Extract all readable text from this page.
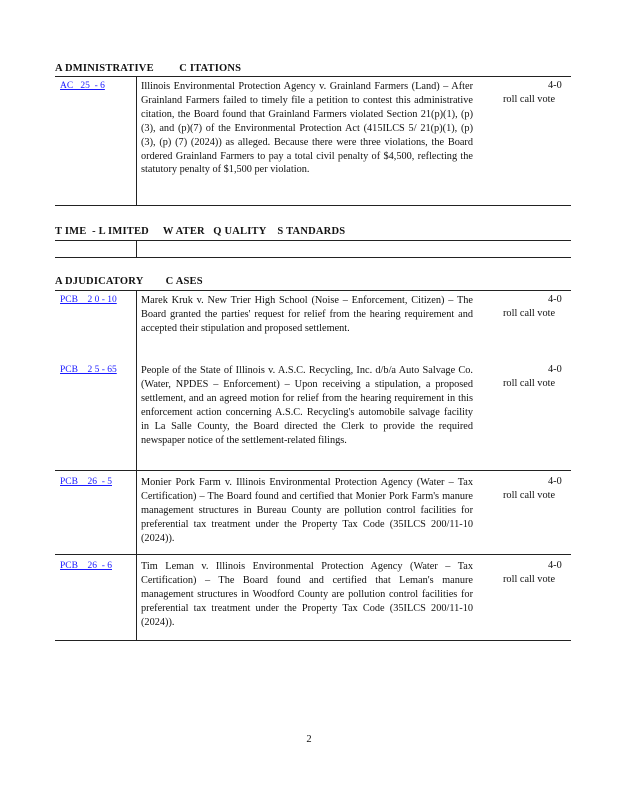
A DMINISTRATIVE         C ITATIONS
AC   25  - 6	Illinois Environmental Protection Agency v. Grainland Farmers (Land) – After Grainland Farmers failed to timely file a petition to contest this administrative citation, the Board found that Grainland Farmers violated Section 21(p)(1), (p)(3), and (p)(7) of the Environmental Protection Act (415ILCS 5/ 21(p)(1), (p)(3), (p) (7) (2024)) as alleged. Because there were three violations, the Board ordered Grainland Farmers to pay a total civil penalty of $4,500, reflecting the statutory penalty of $1,500 per violation.
4-0
roll call vote
T IME  - L IMITED     W ATER   Q UALITY    S TANDARDS
A DJUDICATORY        C ASES
PCB    2 0 - 10 Marek Kruk v. New Trier High School (Noise – Enforcement, Citizen) – The Board granted the parties' request for relief from the hearing requirement and accepted their stipulation and proposed settlement.
4-0
roll call vote
PCB    2 5 - 65 People of the State of Illinois v. A.S.C. Recycling, Inc. d/b/a Auto Salvage Co. (Water, NPDES – Enforcement) – Upon receiving a stipulation, a proposed settlement, and an agreed motion for relief from the hearing requirement in this enforcement action concerning A.S.C. Recycling's automobile salvage facility in La Salle County, the Board directed the Clerk to provide the required newspaper notice of the settlement-related filings.
4-0
roll call vote
PCB    26  - 5	Monier Pork Farm v. Illinois Environmental Protection Agency (Water – Tax Certification) – The Board found and certified that Monier Pork Farm's manure management structures in Bureau County are pollution control facilities for preferential tax treatment under the Property Tax Code (35ILCS 200/11-10 (2024)).
4-0
roll call vote
PCB    26  - 6	Tim Leman v. Illinois Environmental Protection Agency (Water – Tax Certification) – The Board found and certified that Leman's manure management structures in Woodford County are pollution control facilities for preferential tax treatment under the Property Tax Code (35ILCS 200/11-10 (2024)).
4-0
roll call vote
2
